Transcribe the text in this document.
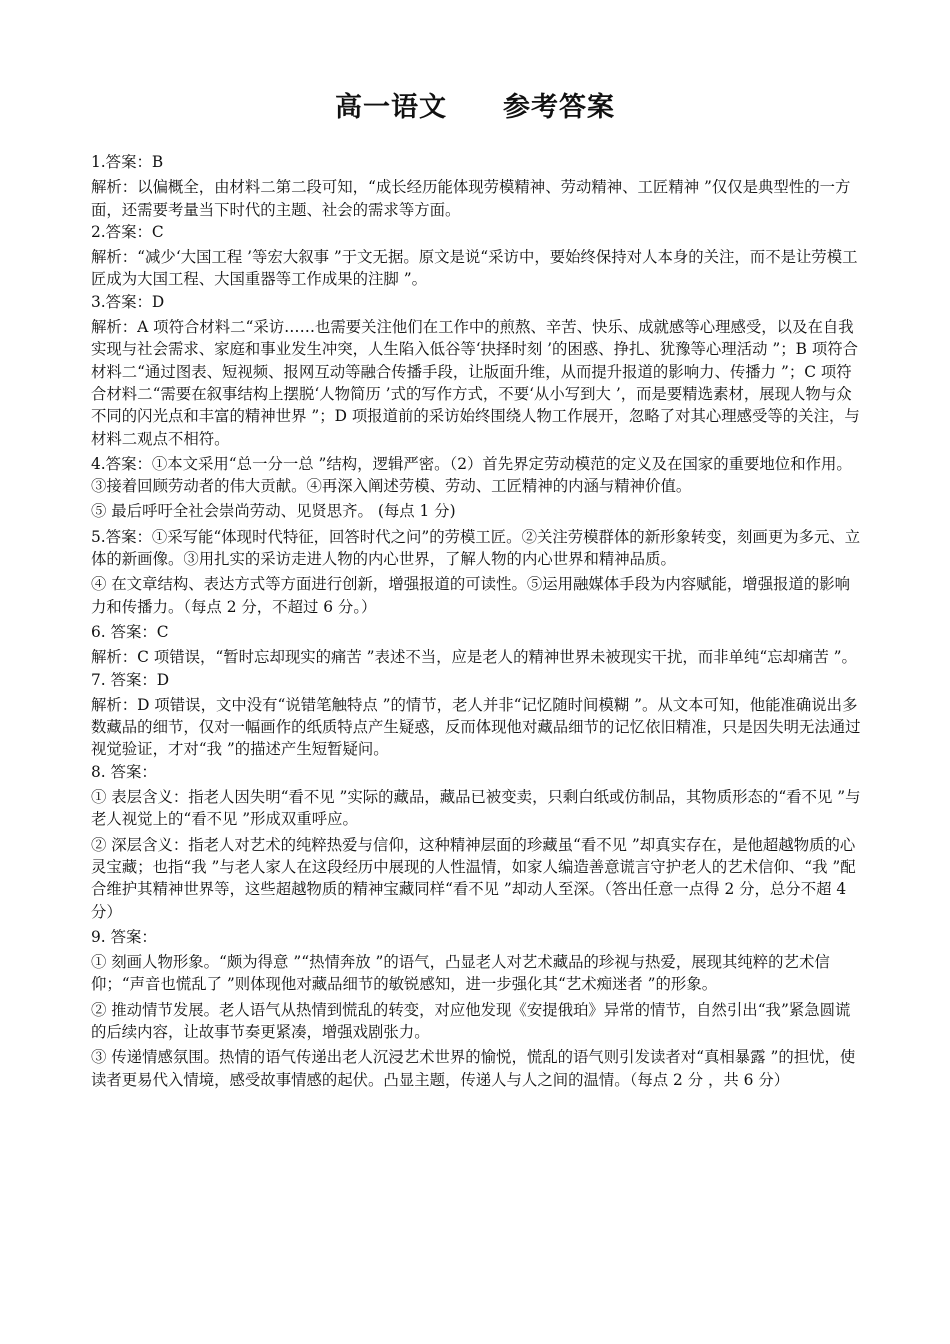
高一语文 参考答案

1.答案：B

解析：以偏概全，由材料二第二段可知，“成长经历能体现劳模精神、劳动精神、工匠精神 ”仅仅是典型性的一方面，还需要考量当下时代的主题、社会的需求等方面。

2.答案：C

解析：“减少‘大国工程 ’等宏大叙事 ”于文无据。原文是说“采访中，要始终保持对人本身的关注，而不是让劳模工匠成为大国工程、大国重器等工作成果的注脚 ”。

3.答案：D

解析：A 项符合材料二“采访……也需要关注他们在工作中的煎熬、辛苦、快乐、成就感等心理感受，以及在自我实现与社会需求、家庭和事业发生冲突，人生陷入低谷等‘抉择时刻 ’的困惑、挣扎、犹豫等心理活动 ”；B 项符合材料二“通过图表、短视频、报网互动等融合传播手段，让版面升维，从而提升报道的影响力、传播力 ”；C 项符合材料二“需要在叙事结构上摆脱‘人物简历 ’式的写作方式，不要‘从小写到大 ’，而是要精选素材，展现人物与众不同的闪光点和丰富的精神世界 ”；D 项报道前的采访始终围绕人物工作展开，忽略了对其心理感受等的关注，与材料二观点不相符。

4.答案：①本文采用“总一分一总 ”结构，逻辑严密。（2）首先界定劳动模范的定义及在国家的重要地位和作用。③接着回顾劳动者的伟大贡献。④再深入阐述劳模、劳动、工匠精神的内涵与精神价值。

⑤ 最后呼吁全社会崇尚劳动、见贤思齐。 (每点 1 分)

5.答案：①采写能“体现时代特征，回答时代之问”的劳模工匠。②关注劳模群体的新形象转变，刻画更为多元、立体的新画像。③用扎实的采访走进人物的内心世界，了解人物的内心世界和精神品质。

④ 在文章结构、表达方式等方面进行创新，增强报道的可读性。⑤运用融媒体手段为内容赋能，增强报道的影响力和传播力。（每点 2 分，不超过 6 分。）

6. 答案：C

解析：C 项错误，“暂时忘却现实的痛苦 ”表述不当，应是老人的精神世界未被现实干扰，而非单纯“忘却痛苦 ”。

7. 答案：D

解析：D 项错误，文中没有“说错笔触特点 ”的情节，老人并非“记忆随时间模糊 ”。从文本可知，他能准确说出多数藏品的细节，仅对一幅画作的纸质特点产生疑惑，反而体现他对藏品细节的记忆依旧精准，只是因失明无法通过视觉验证，才对“我 ”的描述产生短暂疑问。

8. 答案：

① 表层含义：指老人因失明“看不见 ”实际的藏品，藏品已被变卖，只剩白纸或仿制品，其物质形态的“看不见 ”与老人视觉上的“看不见 ”形成双重呼应。

② 深层含义：指老人对艺术的纯粹热爱与信仰，这种精神层面的珍藏虽“看不见 ”却真实存在，是他超越物质的心灵宝藏；也指“我 ”与老人家人在这段经历中展现的人性温情，如家人编造善意谎言守护老人的艺术信仰、“我 ”配合维护其精神世界等，这些超越物质的精神宝藏同样“看不见 ”却动人至深。（答出任意一点得 2 分，总分不超 4 分）

9. 答案：

① 刻画人物形象。“颇为得意 ”“热情奔放 ”的语气，凸显老人对艺术藏品的珍视与热爱，展现其纯粹的艺术信仰；“声音也慌乱了 ”则体现他对藏品细节的敏锐感知，进一步强化其“艺术痴迷者 ”的形象。

② 推动情节发展。老人语气从热情到慌乱的转变，对应他发现《安提俄珀》异常的情节，自然引出“我”紧急圆谎的后续内容，让故事节奏更紧凑，增强戏剧张力。

③ 传递情感氛围。热情的语气传递出老人沉浸艺术世界的愉悦，慌乱的语气则引发读者对“真相暴露 ”的担忧，使读者更易代入情境，感受故事情感的起伏。凸显主题，传递人与人之间的温情。（每点 2 分 ，共 6 分）
